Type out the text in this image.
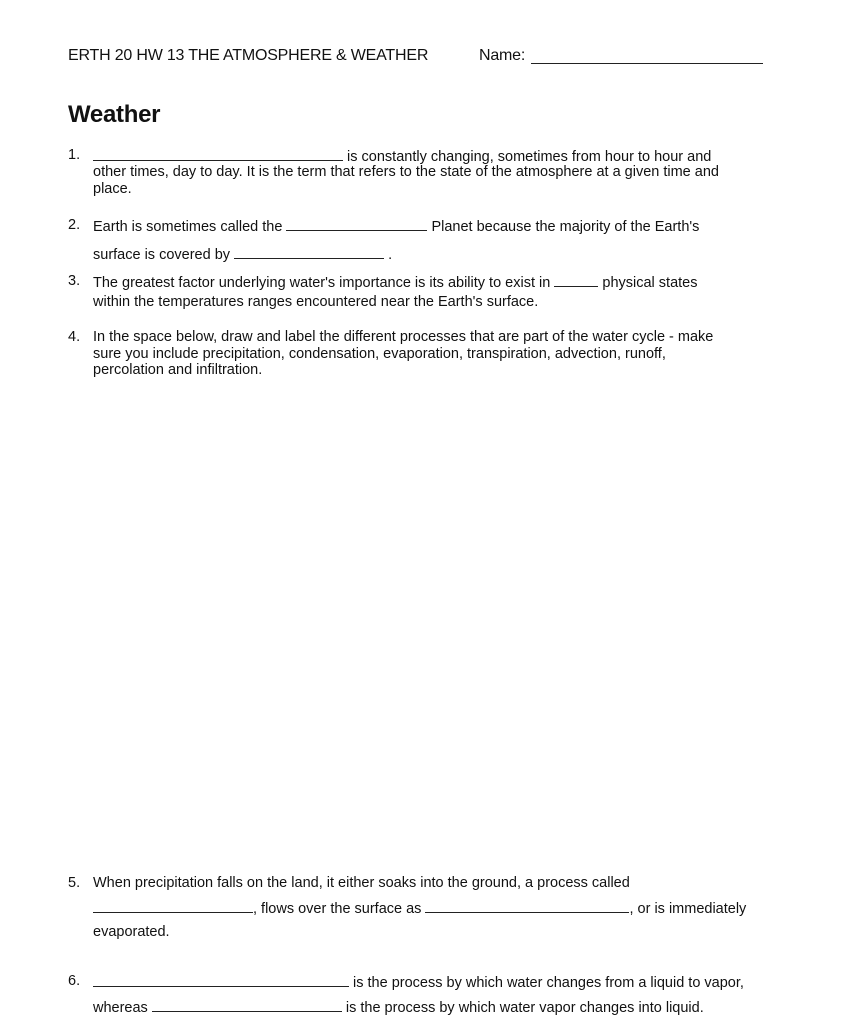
ERTH 20 HW 13 THE ATMOSPHERE & WEATHER	Name:
Weather
1.	is constantly changing, sometimes from hour to hour and
other times, day to day. It is the term that refers to the state of the atmosphere at a given time and
place.
2. Earth is sometimes called the	Planet because the majority of the Earth's
surface is covered by	.
3. The greatest factor underlying water's importance is its ability to exist in	physical states
within the temperatures ranges encountered near the Earth's surface.
4. In the space below, draw and label the different processes that are part of the water cycle - make
sure you include precipitation, condensation, evaporation, transpiration, advection, runoff,
percolation and infiltration.
5. When precipitation falls on the land, it either soaks into the ground, a process called
, flows over the surface as	, or is immediately
evaporated.
6.	is the process by which water changes from a liquid to vapor,
whereas	is the process by which water vapor changes into liquid.
